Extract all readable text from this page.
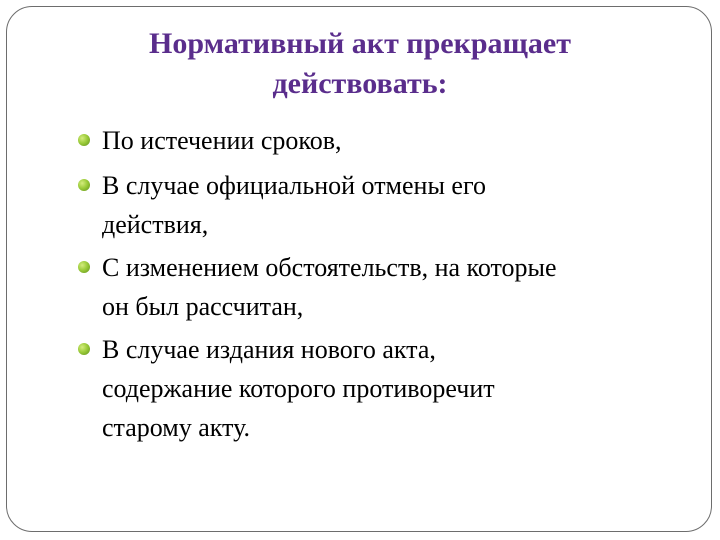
Нормативный акт прекращает
действовать:
По истечении сроков,
В случае официальной отмены его
действия,
С изменением обстоятельств, на которые
он был рассчитан,
В случае издания нового акта,
содержание которого противоречит
старому акту.
